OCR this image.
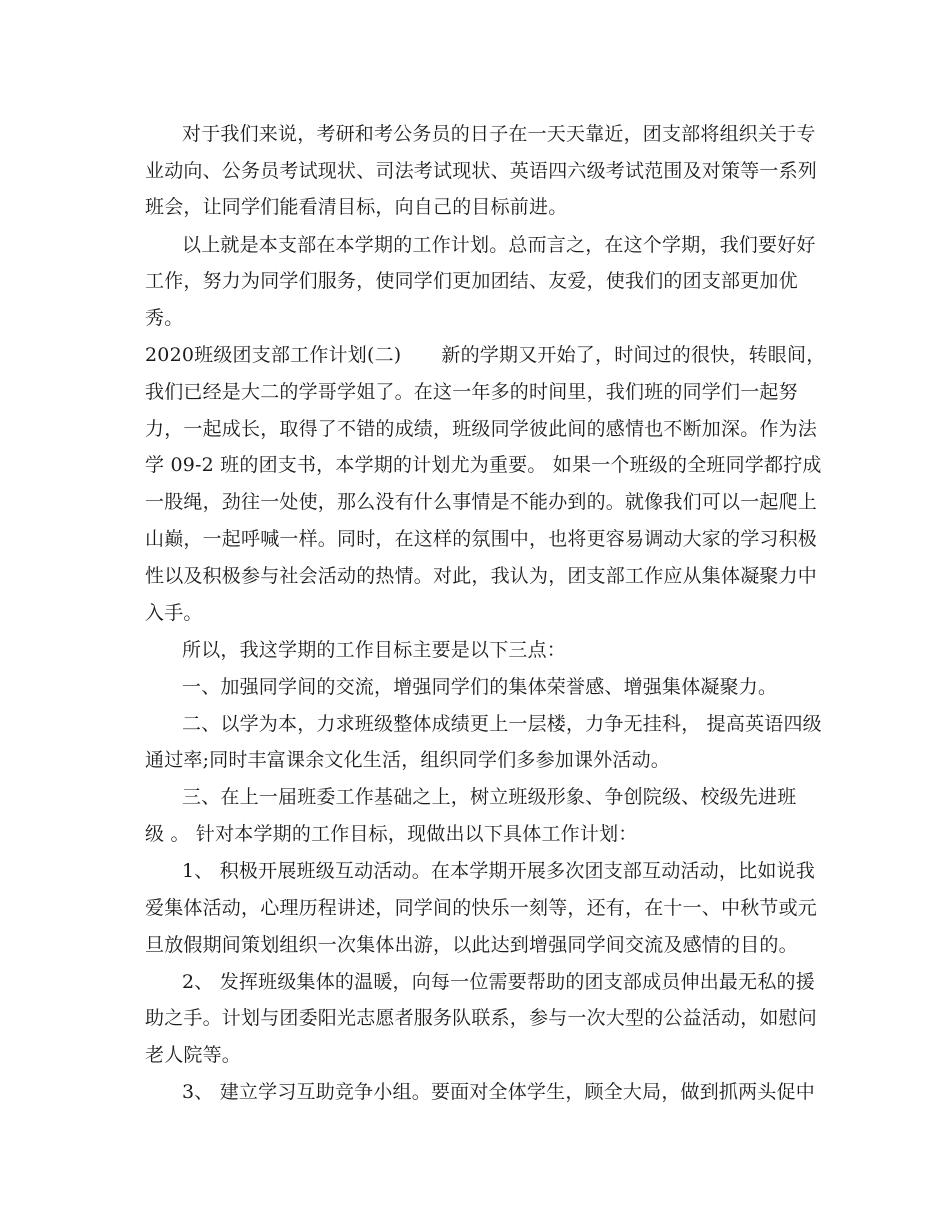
对于我们来说，考研和考公务员的日子在一天天靠近，团支部将组织关于专
业动向、公务员考试现状、司法考试现状、英语四六级考试范围及对策等一系列
班会，让同学们能看清目标，向自己的目标前进。
以上就是本支部在本学期的工作计划。总而言之，在这个学期，我们要好好
工作，努力为同学们服务，使同学们更加团结、友爱，使我们的团支部更加优
秀。
2020班级团支部工作计划(二) 新的学期又开始了，时间过的很快，转眼间，
我们已经是大二的学哥学姐了。在这一年多的时间里，我们班的同学们一起努
力，一起成长，取得了不错的成绩，班级同学彼此间的感情也不断加深。作为法
学 09-2 班的团支书，本学期的计划尤为重要。 如果一个班级的全班同学都拧成
一股绳，劲往一处使，那么没有什么事情是不能办到的。就像我们可以一起爬上
山巅，一起呼喊一样。同时，在这样的氛围中，也将更容易调动大家的学习积极
性以及积极参与社会活动的热情。对此，我认为，团支部工作应从集体凝聚力中
入手。
所以，我这学期的工作目标主要是以下三点：
一、加强同学间的交流，增强同学们的集体荣誉感、增强集体凝聚力。
二、以学为本，力求班级整体成绩更上一层楼，力争无挂科， 提高英语四级
通过率;同时丰富课余文化生活，组织同学们多参加课外活动。
三、在上一届班委工作基础之上，树立班级形象、争创院级、校级先进班
级 。 针对本学期的工作目标，现做出以下具体工作计划：
1、 积极开展班级互动活动。在本学期开展多次团支部互动活动，比如说我
爱集体活动，心理历程讲述，同学间的快乐一刻等，还有，在十一、中秋节或元
旦放假期间策划组织一次集体出游，以此达到增强同学间交流及感情的目的。
2、 发挥班级集体的温暖，向每一位需要帮助的团支部成员伸出最无私的援
助之手。计划与团委阳光志愿者服务队联系，参与一次大型的公益活动，如慰问
老人院等。
3、 建立学习互助竞争小组。要面对全体学生，顾全大局，做到抓两头促中
